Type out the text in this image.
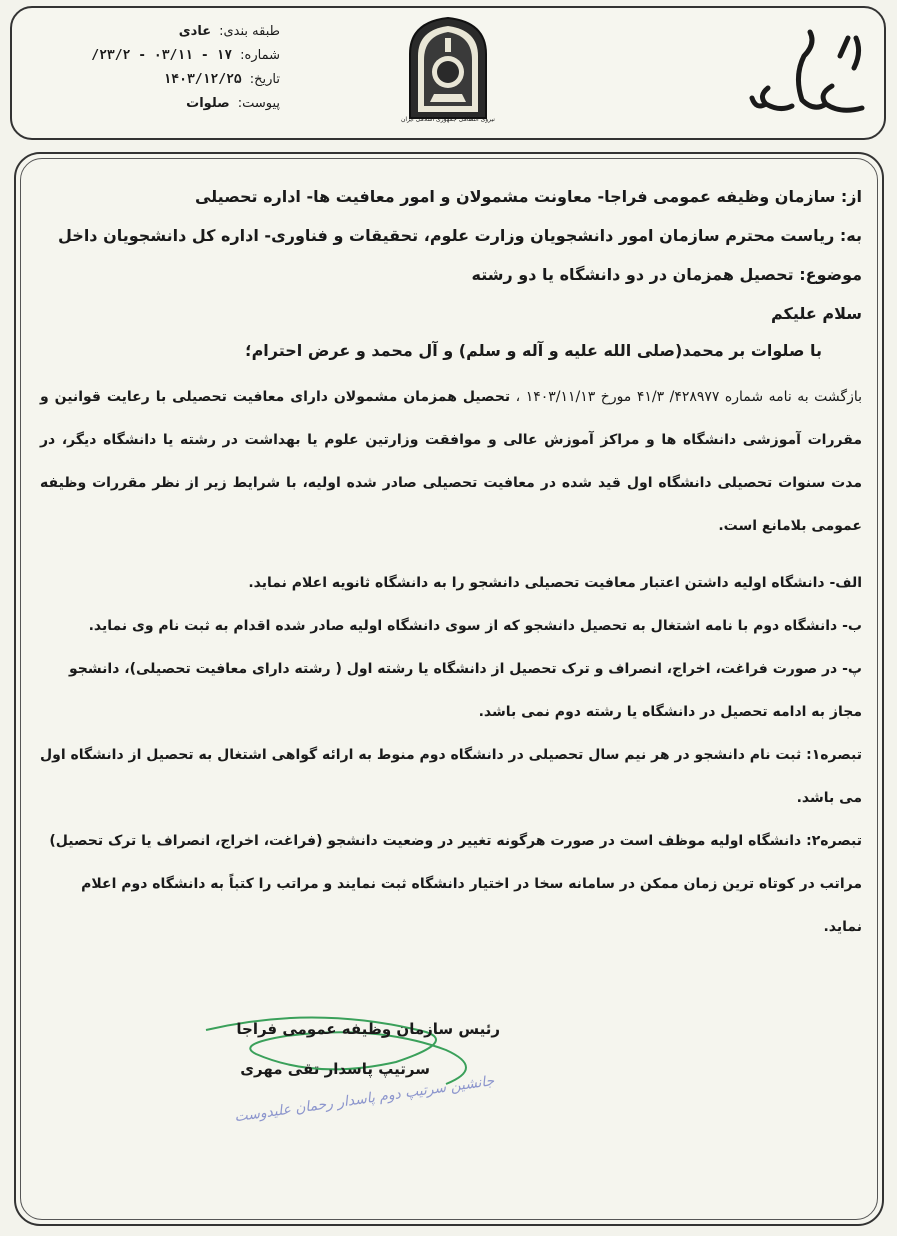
طبقه بندی:
عادی
شماره:
۱۷ - ۰۳/۱۱ - ۲۳/۲/
تاریخ:
۱۴۰۳/۱۲/۲۵
پیوست:
صلوات
نیروی انتظامی جمهوری اسلامی ایران

از: سازمان وظیفه عمومی فراجا- معاونت مشمولان و امور معافیت ها- اداره تحصیلی

به: ریاست محترم سازمان امور دانشجویان وزارت علوم، تحقیقات و فناوری- اداره کل دانشجویان داخل

موضوع: تحصیل همزمان در دو دانشگاه یا دو رشته

سلام علیکم

با صلوات بر محمد(صلی الله علیه و آله و سلم) و آل محمد و عرض احترام؛

بازگشت به نامه شماره ۴۲۸۹۷۷/ ۴۱/۳ مورخ ۱۴۰۳/۱۱/۱۳ ، تحصیل همزمان مشمولان دارای معافیت تحصیلی با رعایت قوانین و مقررات آموزشی دانشگاه ها و مراکز آموزش عالی و موافقت وزارتین علوم یا بهداشت در رشته یا دانشگاه دیگر، در مدت سنوات تحصیلی دانشگاه اول قید شده در معافیت تحصیلی صادر شده اولیه، با شرایط زیر از نظر مقررات وظیفه عمومی بلامانع است.

الف- دانشگاه اولیه داشتن اعتبار معافیت تحصیلی دانشجو را به دانشگاه ثانویه اعلام نماید.

ب- دانشگاه دوم با نامه اشتغال به تحصیل دانشجو که از سوی دانشگاه اولیه صادر شده اقدام به ثبت نام وی نماید.

پ- در صورت فراغت، اخراج، انصراف و ترک تحصیل از دانشگاه یا رشته اول ( رشته دارای معافیت تحصیلی)، دانشجو مجاز به ادامه تحصیل در دانشگاه یا رشته دوم نمی باشد.

تبصره۱: ثبت نام دانشجو در هر نیم سال تحصیلی در دانشگاه دوم منوط به ارائه گواهی اشتغال به تحصیل از دانشگاه اول می باشد.

تبصره۲: دانشگاه اولیه موظف است در صورت هرگونه تغییر در وضعیت دانشجو (فراغت، اخراج، انصراف یا ترک تحصیل) مراتب در کوتاه ترین زمان ممکن در سامانه سخا در اختیار دانشگاه ثبت نمایند و مراتب را کتباً به دانشگاه دوم اعلام نماید.

رئیس سازمان وظیفه عمومی فراجا
سرتیپ پاسدار تقی مهری
جانشین سرتیپ دوم پاسدار رحمان علیدوست
